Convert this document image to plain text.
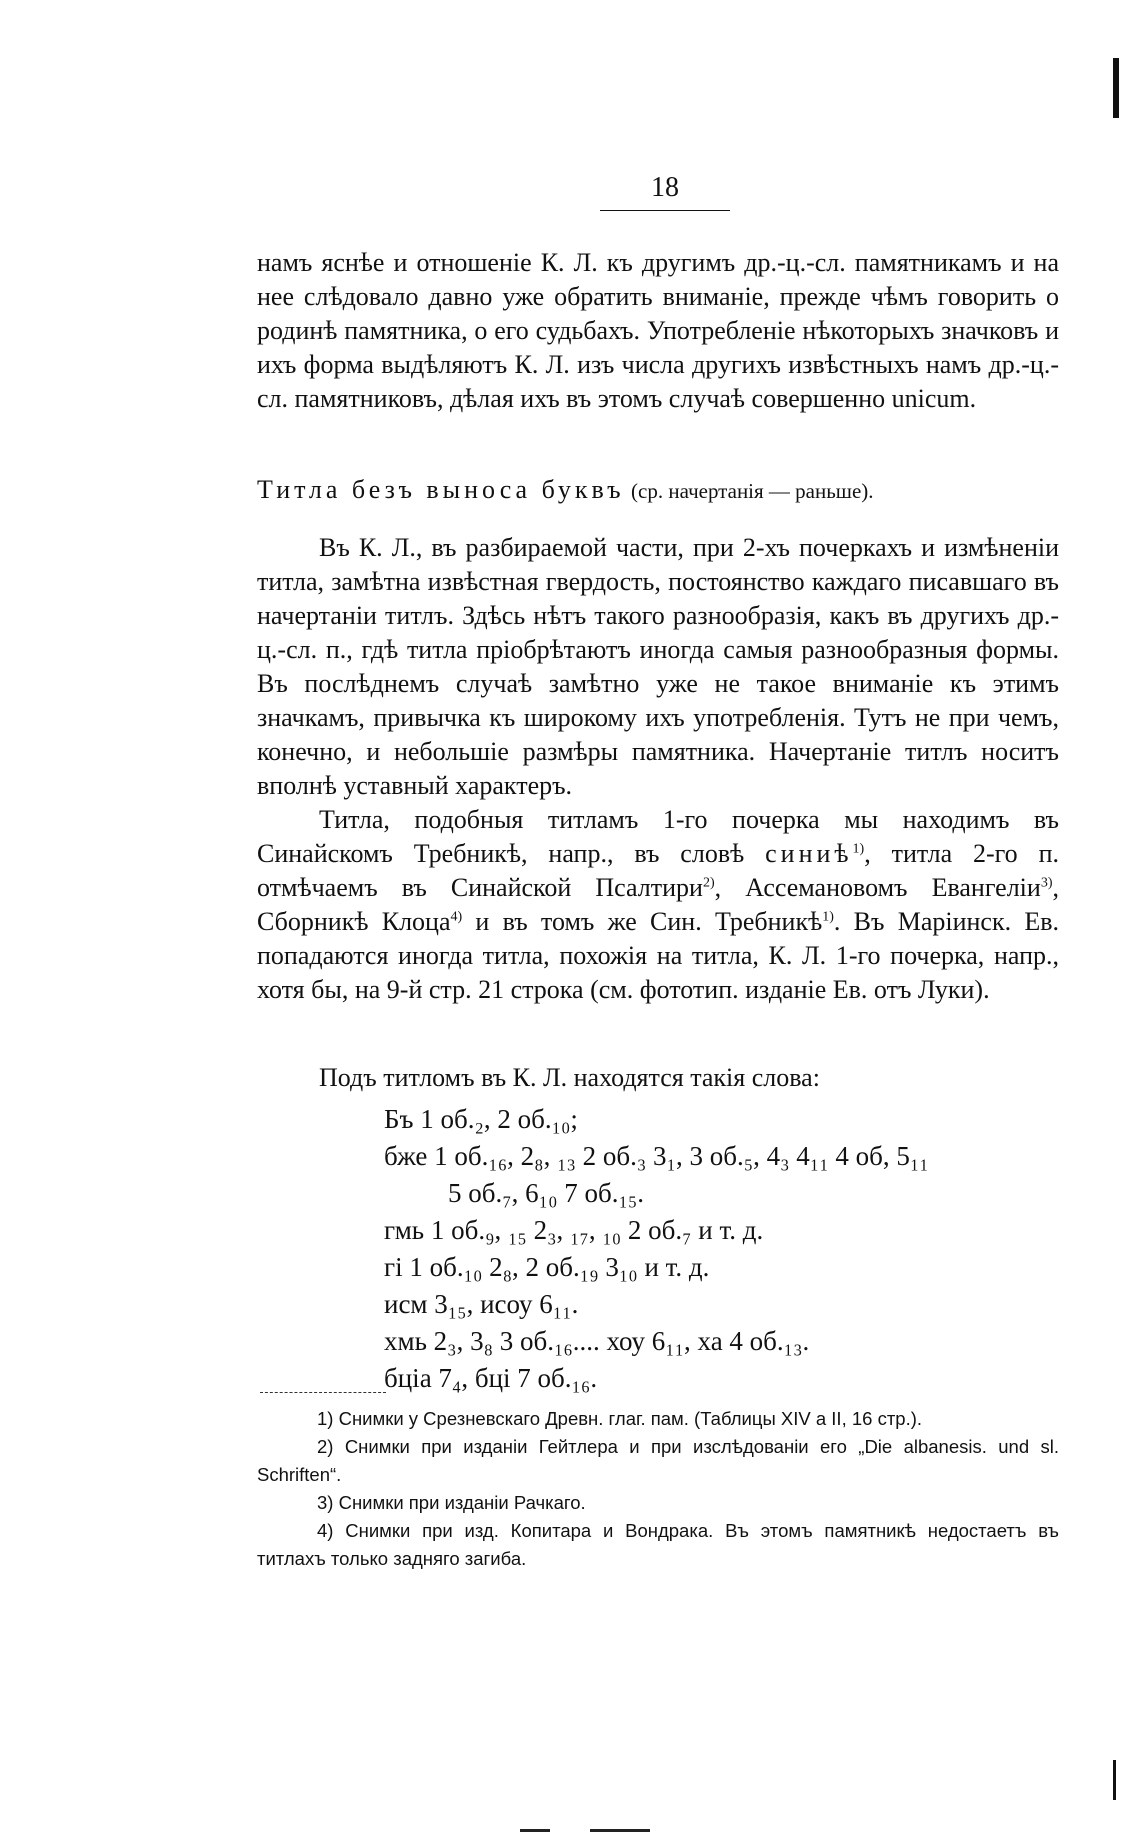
18

намъ яснѣе и отношеніе К. Л. къ другимъ др.-ц.-сл. памятникамъ и на нее слѣдовало давно уже обратить вниманіе, прежде чѣмъ говорить о родинѣ памятника, о его судьбахъ. Употребленіе нѣкоторыхъ значковъ и ихъ форма выдѣляютъ К. Л. изъ числа другихъ извѣстныхъ намъ др.-ц.-сл. памятниковъ, дѣлая ихъ въ этомъ случаѣ совершенно unicum.

Титла безъ выноса буквъ (ср. начертанія — раньше).

Въ К. Л., въ разбираемой части, при 2-хъ почеркахъ и измѣненіи титла, замѣтна извѣстная гвердость, постоянство каждаго писавшаго въ начертаніи титлъ. Здѣсь нѣтъ такого разнообразія, какъ въ другихъ др.-ц.-сл. п., гдѣ титла пріобрѣтаютъ иногда самыя разнообразныя формы. Въ послѣднемъ случаѣ замѣтно уже не такое вниманіе къ этимъ значкамъ, привычка къ широкому ихъ употребленія. Тутъ не при чемъ, конечно, и небольшіе размѣры памятника. Начертаніе титлъ носитъ вполнѣ уставный характеръ.

Титла, подобныя титламъ 1-го почерка мы находимъ въ Синайскомъ Требникѣ, напр., въ словѣ синиѣ$^{1)}$, титла 2-го п. отмѣчаемъ въ Синайской Псалтири$^{2)}$, Ассемановомъ Евангеліи$^{3)}$, Сборникѣ Клоца$^{4)}$ и въ томъ же Син. Требникѣ$^{1)}$. Въ Маріинск. Ев. попадаются иногда титла, похожія на титла, К. Л. 1-го почерка, напр., хотя бы, на 9-й стр. 21 строка (см. фототип. изданіе Ев. отъ Луки).

Подъ титломъ въ К. Л. находятся такія слова:

Бъ 1 об.₂, 2 об.₁₀;
бже 1 об.₁₆, 2₈, ₁₃ 2 об.₃ 3₁, 3 об.₅, 4₃ 4₁₁ 4 об, 5₁₁
5 об.₇, 6₁₀ 7 об.₁₅.
гмь 1 об.₉, ₁₅ 2₃, ₁₇, ₁₀ 2 об.₇ и т. д.
гі 1 об.₁₀ 2₈, 2 об.₁₉ 3₁₀ и т. д.
исм 3₁₅, исоу 6₁₁.
хмь 2₃, 3₈ 3 об.₁₆.... хоу 6₁₁, ха 4 об.₁₃.
бціа 7₄, бці 7 об.₁₆.

1) Снимки у Срезневскаго Древн. глаг. пам. (Таблицы XIV a II, 16 стр.).

2) Снимки при изданіи Гейтлера и при изслѣдованіи его „Die albanesis. und sl. Schriften“.

3) Снимки при изданіи Рачкаго.

4) Снимки при изд. Копитара и Вондрака. Въ этомъ памятникѣ недостаетъ въ титлахъ только задняго загиба.
